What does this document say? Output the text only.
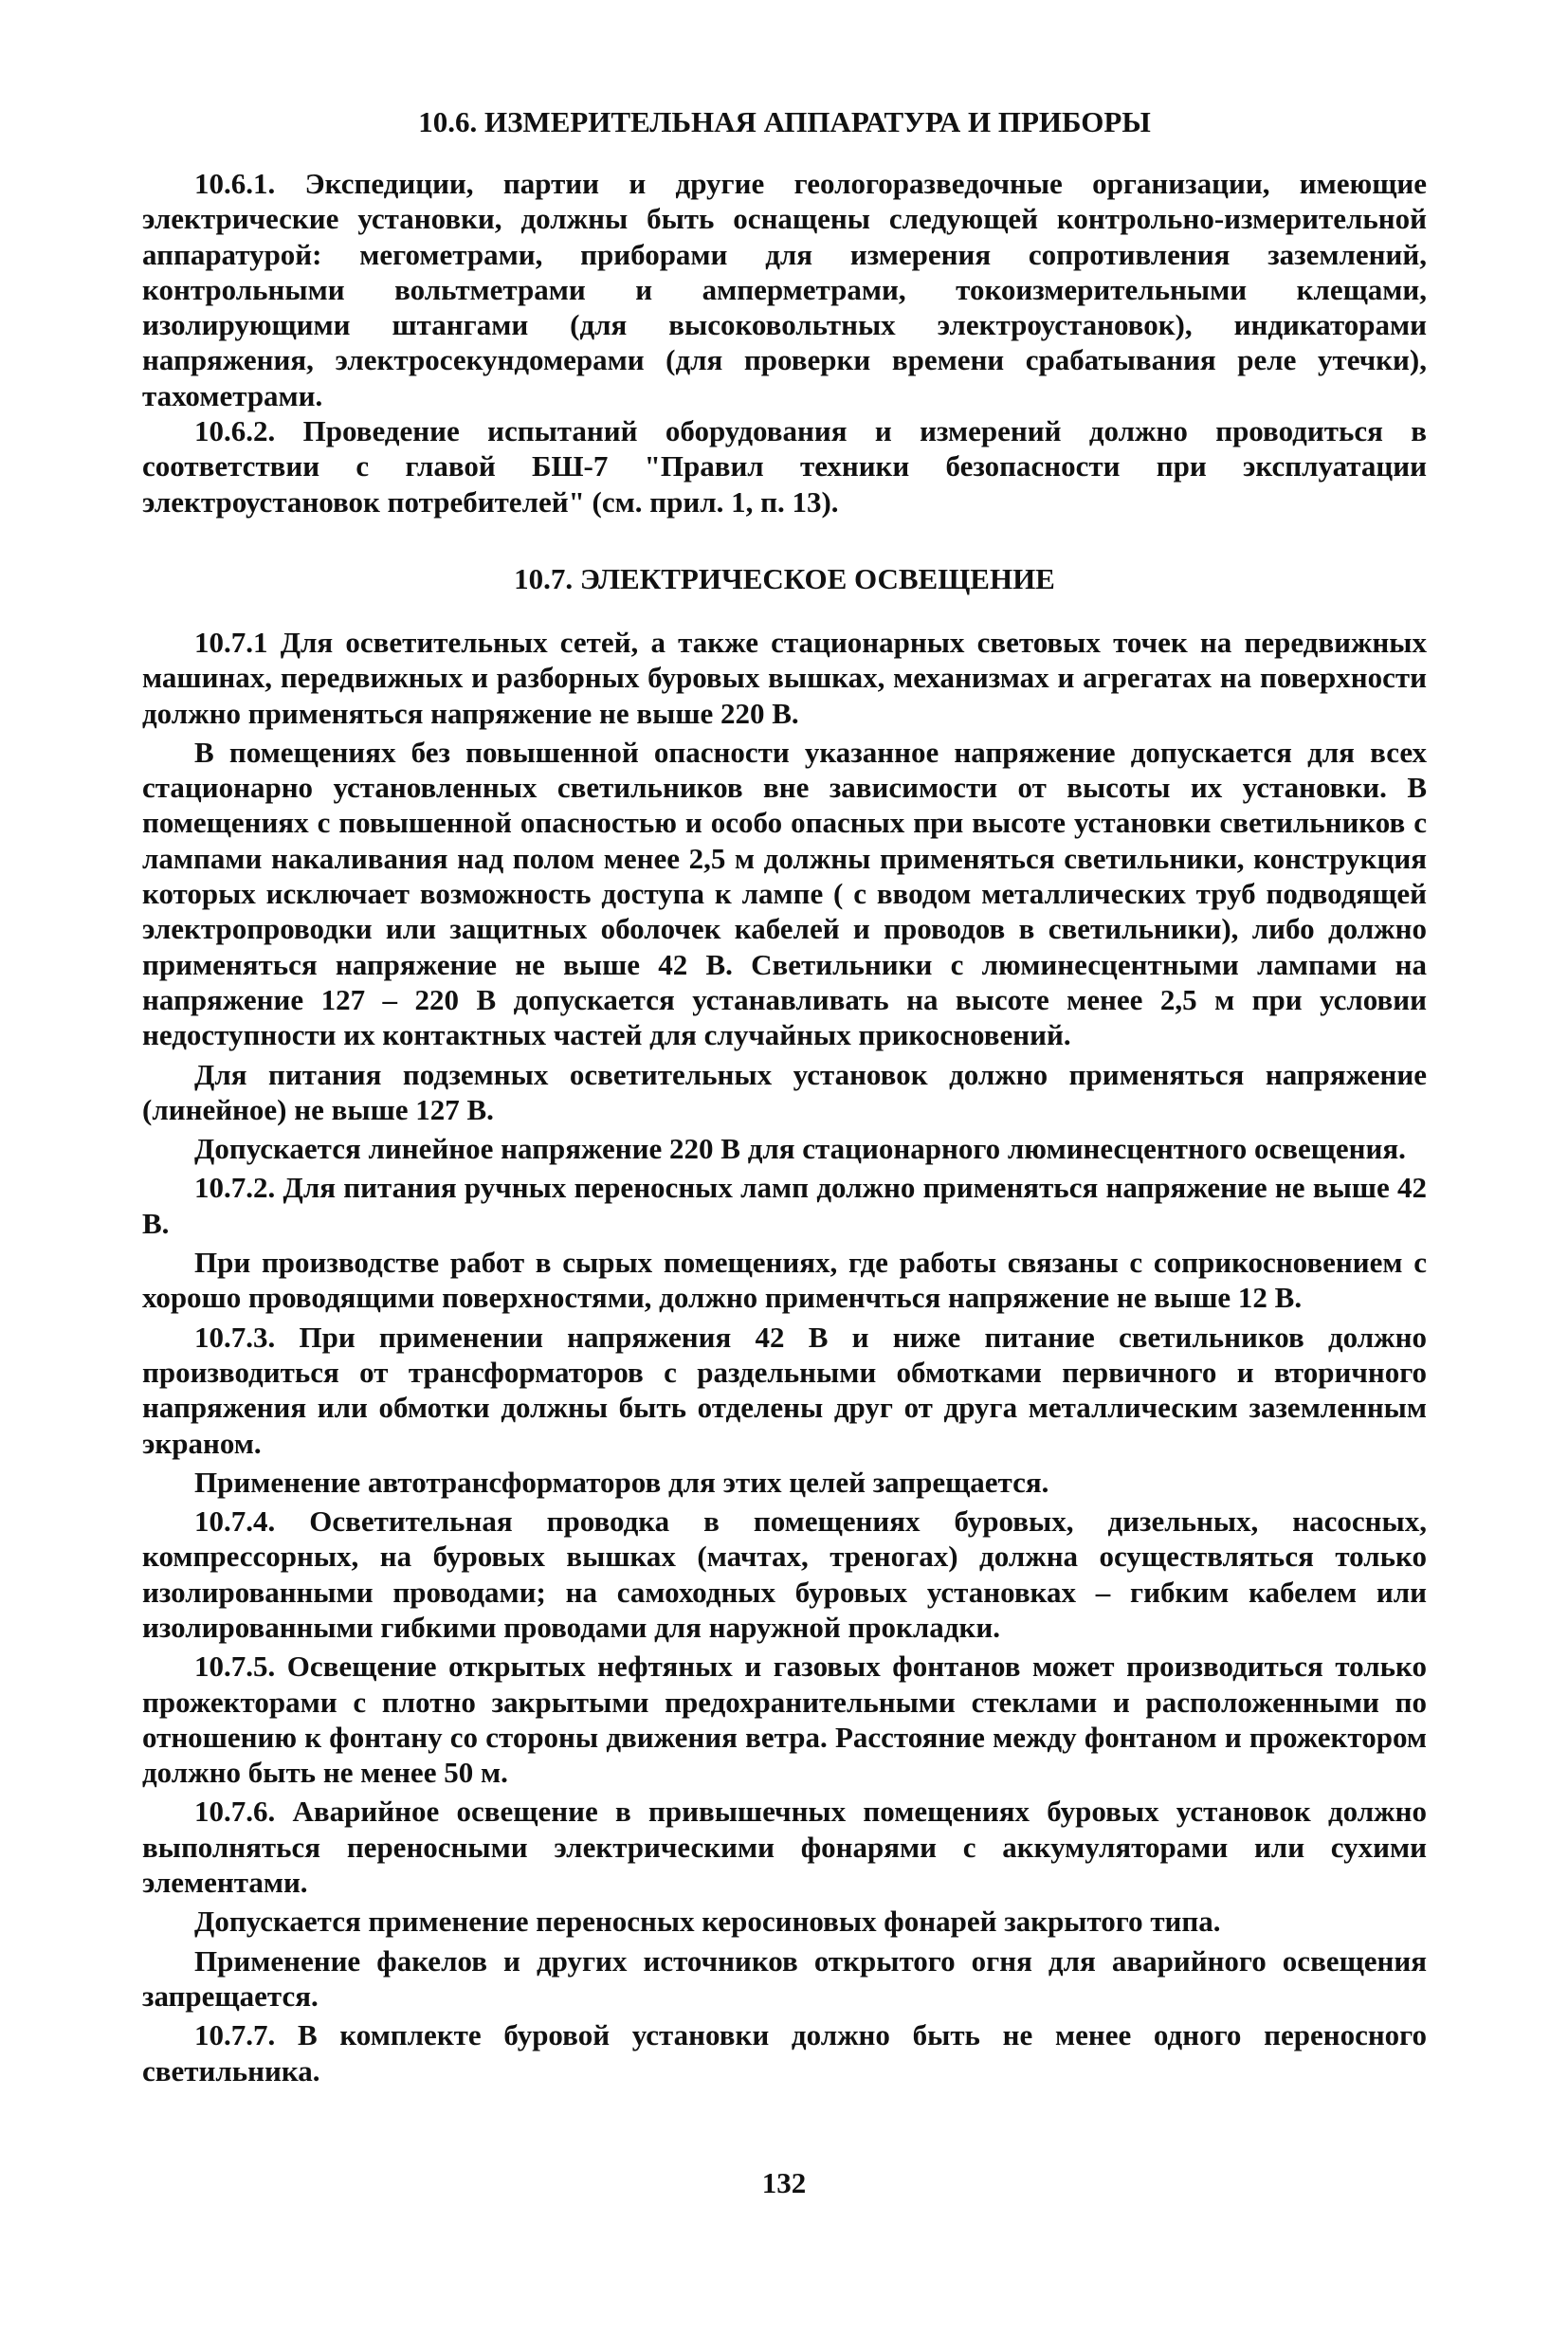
10.6. ИЗМЕРИТЕЛЬНАЯ АППАРАТУРА И ПРИБОРЫ

10.6.1. Экспедиции, партии и другие геологоразведочные организации, имеющие электрические установки, должны быть оснащены следующей контрольно-измерительной аппаратурой: мегометрами, приборами для измерения сопротивления заземлений, контрольными вольтметрами и амперметрами, токоизмерительными клещами, изолирующими штангами (для высоковольтных электроустановок), индикаторами напряжения, электросекундомерами (для проверки времени срабатывания реле утечки), тахометрами.

10.6.2. Проведение испытаний оборудования и измерений должно проводиться в соответствии с главой БШ-7 "Правил техники безопасности при эксплуатации электроустановок потребителей" (см. прил. 1, п. 13).

10.7. ЭЛЕКТРИЧЕСКОЕ ОСВЕЩЕНИЕ

10.7.1 Для осветительных сетей, а также стационарных световых точек на передвижных машинах, передвижных и разборных буровых вышках, механизмах и агрегатах на поверхности должно применяться напряжение не выше 220 В.

В помещениях без повышенной опасности указанное напряжение допускается для всех стационарно установленных светильников вне зависимости от высоты их установки. В помещениях с повышенной опасностью и особо опасных при высоте установки светильников с лампами накаливания над полом менее 2,5 м должны применяться светильники, конструкция которых исключает возможность доступа к лампе ( с вводом металлических труб подводящей электропроводки или защитных оболочек кабелей и проводов в светильники), либо должно применяться напряжение не выше 42 В. Светильники с люминесцентными лампами на напряжение 127 – 220 В допускается устанавливать на высоте менее 2,5 м при условии недоступности их контактных частей для случайных прикосновений.

Для питания подземных осветительных установок должно применяться напряжение (линейное) не выше 127 В.

Допускается линейное напряжение 220 В для стационарного люминесцентного освещения.

10.7.2. Для питания ручных переносных ламп должно применяться напряжение не выше 42 В.

При производстве работ в сырых помещениях, где работы связаны с соприкосновением с хорошо проводящими поверхностями, должно применчться напряжение не выше 12 В.

10.7.3. При применении напряжения 42 В и ниже питание светильников должно производиться от трансформаторов с раздельными обмотками первичного и вторичного напряжения или обмотки должны быть отделены друг от друга металлическим заземленным экраном.

Применение автотрансформаторов для этих целей запрещается.

10.7.4. Осветительная проводка в помещениях буровых, дизельных, насосных, компрессорных, на буровых вышках (мачтах, треногах) должна осуществляться только изолированными проводами; на самоходных буровых установках – гибким кабелем или изолированными гибкими проводами для наружной прокладки.

10.7.5. Освещение открытых нефтяных и газовых фонтанов может производиться только прожекторами с плотно закрытыми предохранительными стеклами и расположенными по отношению к фонтану со стороны движения ветра. Расстояние между фонтаном и прожектором должно быть не менее 50 м.

10.7.6. Аварийное освещение в привышечных помещениях буровых установок должно выполняться переносными электрическими фонарями с аккумуляторами или сухими элементами.

Допускается применение переносных керосиновых фонарей закрытого типа.

Применение факелов и других источников открытого огня для аварийного освещения запрещается.

10.7.7. В комплекте буровой установки должно быть не менее одного переносного светильника.

132
